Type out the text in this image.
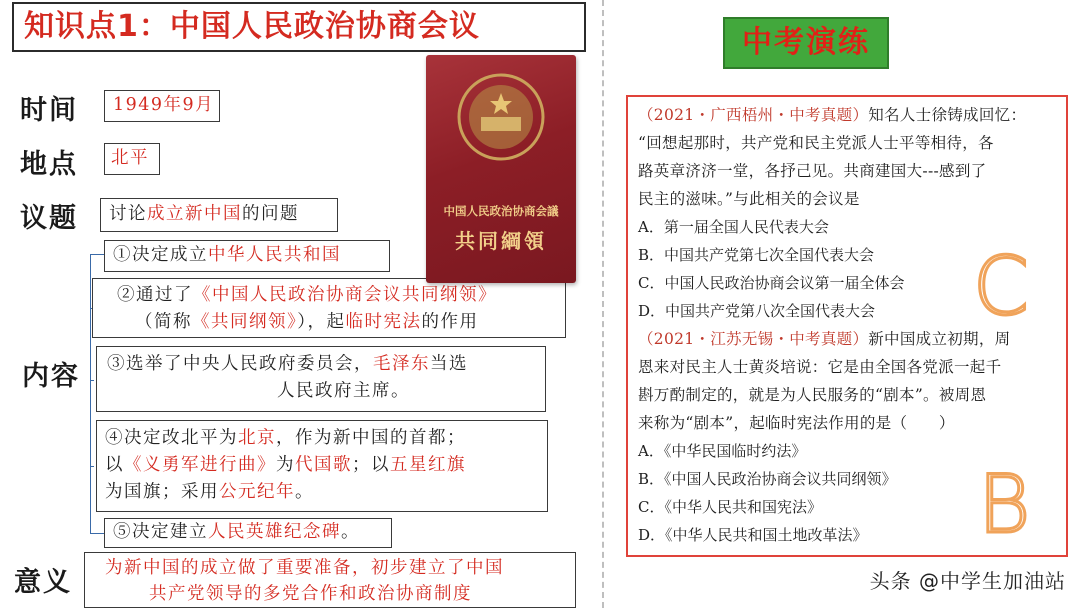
知识点1：中国人民政治协商会议
时间
地点
议题
内容
意义
1949年9月
北平
讨论成立新中国的问题
①决定成立中华人民共和国
②通过了《中国人民政治协商会议共同纲领》
（简称《共同纲领》），起临时宪法的作用
③选举了中央人民政府委员会，毛泽东当选
人民政府主席。
④决定改北平为北京，作为新中国的首都；
以《义勇军进行曲》为代国歌；以五星红旗
为国旗；采用公元纪年。
⑤决定建立人民英雄纪念碑。
为新中国的成立做了重要准备，初步建立了中国
共产党领导的多党合作和政治协商制度
中国人民政治协商会議
共同綱領
中考演练
（2021・广西梧州・中考真题）知名人士徐铸成回忆：
“回想起那时，共产党和民主党派人士平等相待，各
路英章济济一堂，各抒己见。共商建国大---感到了
民主的滋味。”与此相关的会议是
A．第一届全国人民代表大会
B．中国共产党第七次全国代表大会
C．中国人民政治协商会议第一届全体会
D．中国共产党第八次全国代表大会 C
（2021・江苏无锡・中考真题）新中国成立初期，周
恩来对民主人士黄炎培说：它是由全国各党派一起千
斟万酌制定的，就是为人民服务的“剧本”。被周恩
来称为“剧本”，起临时宪法作用的是（　　）
A．《中华民国临时约法》
B．《中国人民政治协商会议共同纲领》
C．《中华人民共和国宪法》
D．《中华人民共和国土地改革法》 B
头条 @中学生加油站
